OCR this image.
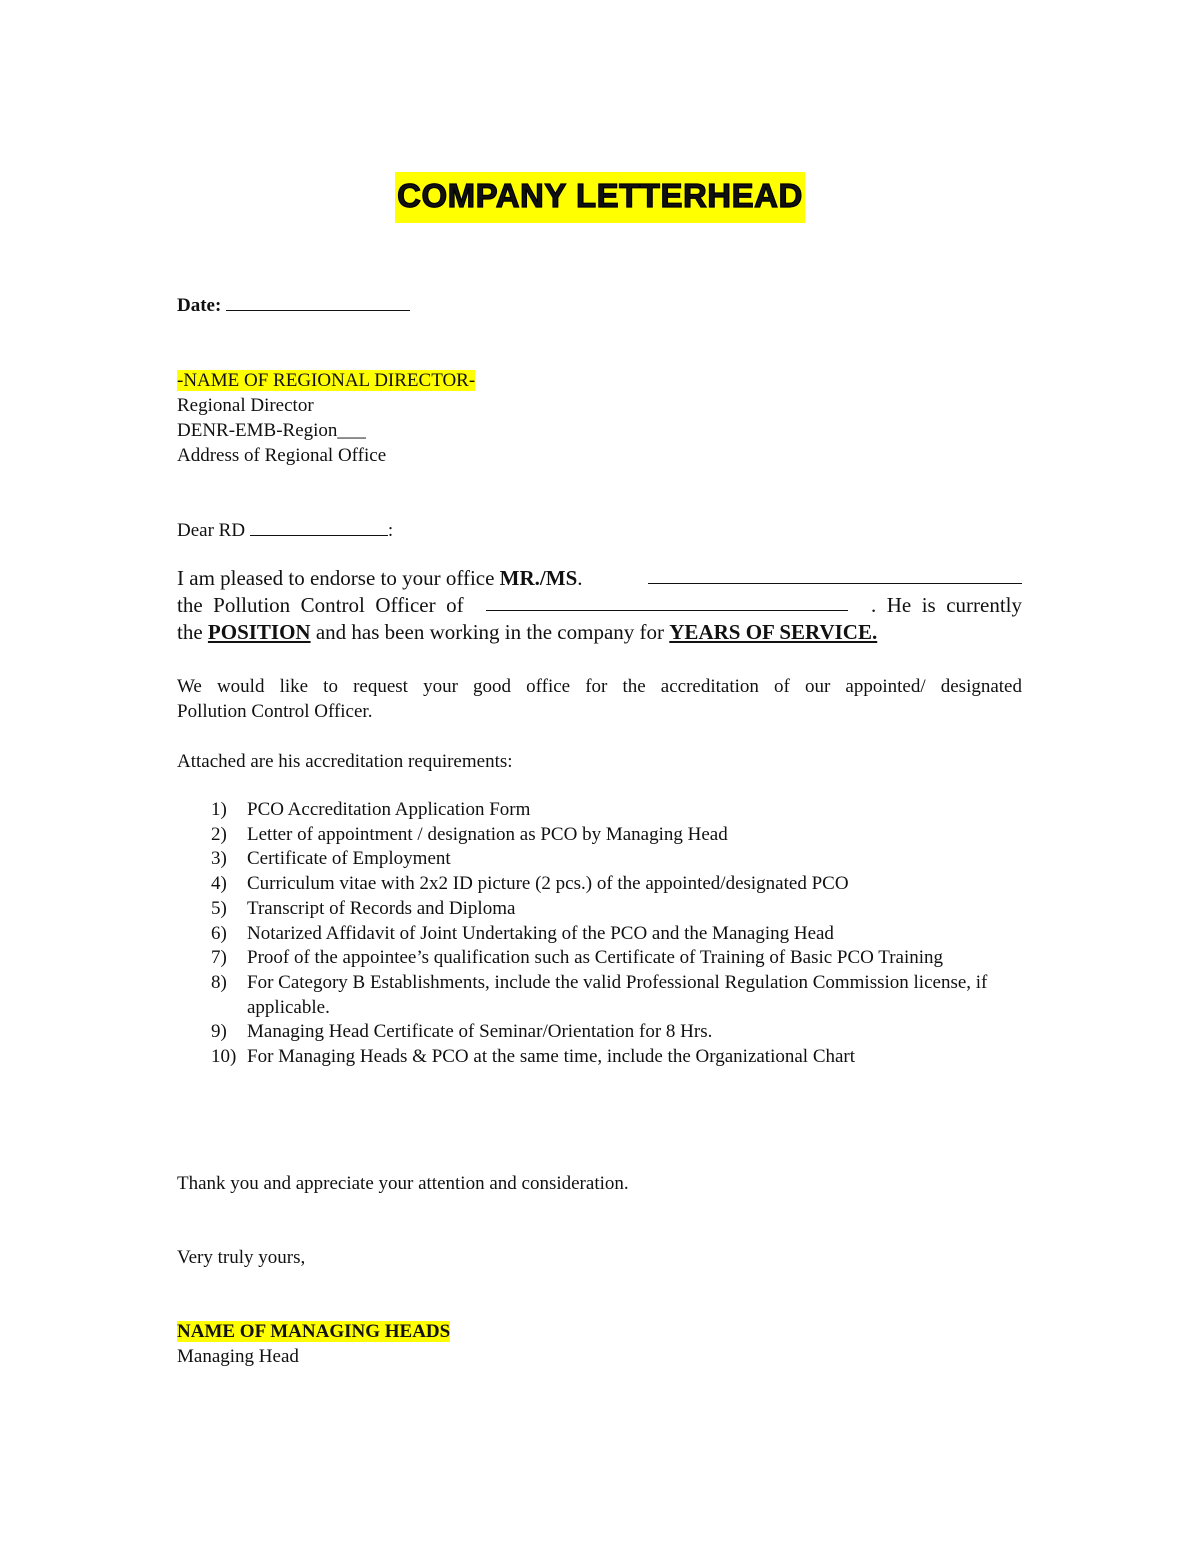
COMPANY LETTERHEAD
Date:
-NAME OF REGIONAL DIRECTOR-
Regional Director
DENR-EMB-Region___
Address of Regional Office
Dear RD	:
I am pleased to endorse to your office MR./MS.
the  Pollution  Control  Officer  of	.  He  is  currently
the POSITION and has been working in the company for YEARS OF SERVICE.
We would like to request your good office for the accreditation of our appointed/ designated
Pollution Control Officer.
Attached are his accreditation requirements:
1)	PCO Accreditation Application Form
2)	Letter of appointment / designation as PCO by Managing Head
3)	Certificate of Employment
4)	Curriculum vitae with 2x2 ID picture (2 pcs.) of the appointed/designated PCO
5)	Transcript of Records and Diploma
6)	Notarized Affidavit of Joint Undertaking of the PCO and the Managing Head
7)	Proof of the appointee’s qualification such as Certificate of Training of Basic PCO Training
8)	For Category B Establishments, include the valid Professional Regulation Commission license, if applicable.
9)	Managing Head Certificate of Seminar/Orientation for 8 Hrs.
10) For Managing Heads & PCO at the same time, include the Organizational Chart
Thank you and appreciate your attention and consideration.
Very truly yours,
NAME OF MANAGING HEADS
Managing Head
